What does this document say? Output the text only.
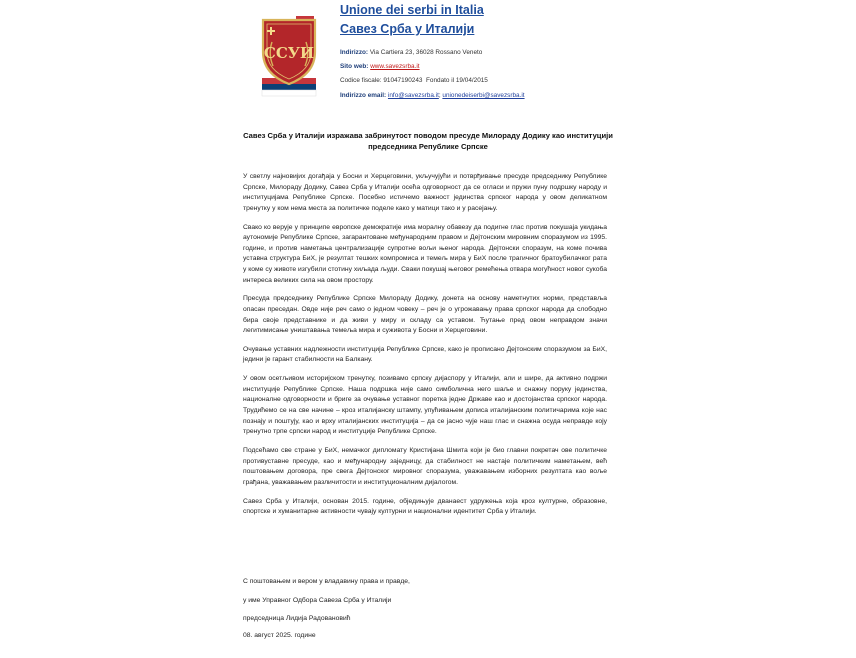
ССУИ
Unione dei serbi in Italia
Савез Срба у Италији
Indirizzo: Via Cartiera 23, 36028 Rossano Veneto
Sito web: www.savezsrba.it
Codice fiscale: 91047190243 Fondato il 19/04/2015
Indirizzo email: info@savezsrba.it; unionedeiserbi@savezsrba.it
Савез Срба у Италији изражава забринутост поводом пресуде Милораду Додику као институцији председника Републике Српске

У светлу најновијих догађаја у Босни и Херцеговини, укључујући и потврђивање пресуде председнику Републике Српске, Милораду Додику, Савез Срба у Италији осећа одговорност да се огласи и пружи пуну подршку народу и институцијама Републике Српске. Посебно истичемо важност јединства српског народа у овом деликатном тренутку у ком нема места за политичке поделе како у матици тако и у расејању.

Свако ко верује у принципе европске демократије има моралну обавезу да подигне глас против покушаја укидања аутономије Републике Српске, загарантоване међународним правом и Дејтонским мировним споразумом из 1995. године, и против наметања централизације супротне вољи њеног народа. Дејтонски споразум, на коме почива уставна структура БиХ, је резултат тешких компромиса и темељ мира у БиХ после трагичног братоубилачког рата у коме су животе изгубили стотину хиљада људи. Сваки покушај његовог ремећења отвара могућност новог сукоба интереса великих сила на овом простору.

Пресуда председнику Републике Српске Милораду Додику, донета на основу наметнутих норми, представља опасан преседан. Овде није реч само о једном човеку – реч је о угрожавању права српског народа да слободно бира своје представнике и да живи у миру и складу са уставом. Ћутање пред овом неправдом значи легитимисање уништавања темеља мира и суживота у Босни и Херцеговини.

Очување уставних надлежности институција Републике Српске, како је прописано Дејтонским споразумом за БиХ, једини је гарант стабилности на Балкану.

У овом осетљивом историјском тренутку, позивамо српску дијаспору у Италији, али и шире, да активно подржи институције Републике Српске. Наша подршка није само симболична него шаље и снажну поруку јединства, националне одговорности и бриге за очување уставног поретка једне Државе као и достојанства српског народа. Трудићемо се на све начине – кроз италијанску штампу, упућивањем дописа италијанским политичарима које нас познају и поштују, као и врху италијанских институција – да се јасно чује наш глас и снажна осуда неправде коју тренутно трпе српски народ и институције Републике Српске.

Подсећамо све стране у БиХ, немачког дипломату Кристијана Шмита који је био главни покретач ове политичке противуставне пресуде, као и међународну заједницу, да стабилност не настаје политичким наметањем, већ поштовањем договора, пре свега Дејтонског мировног споразума, уважавањем изборних резултата као воље грађана, уважавањем различитости и институционалним дијалогом.

Савез Срба у Италији, основан 2015. године, обједињује дванаест удружења која кроз културне, образовне, спортске и хуманитарне активности чувају културни и национални идентитет Срба у Италији.

С поштовањем и вером у владавину права и правде,
у име Управног Одбора Савеза Срба у Италији
председница Лидија Радовановић
08. август 2025. године
